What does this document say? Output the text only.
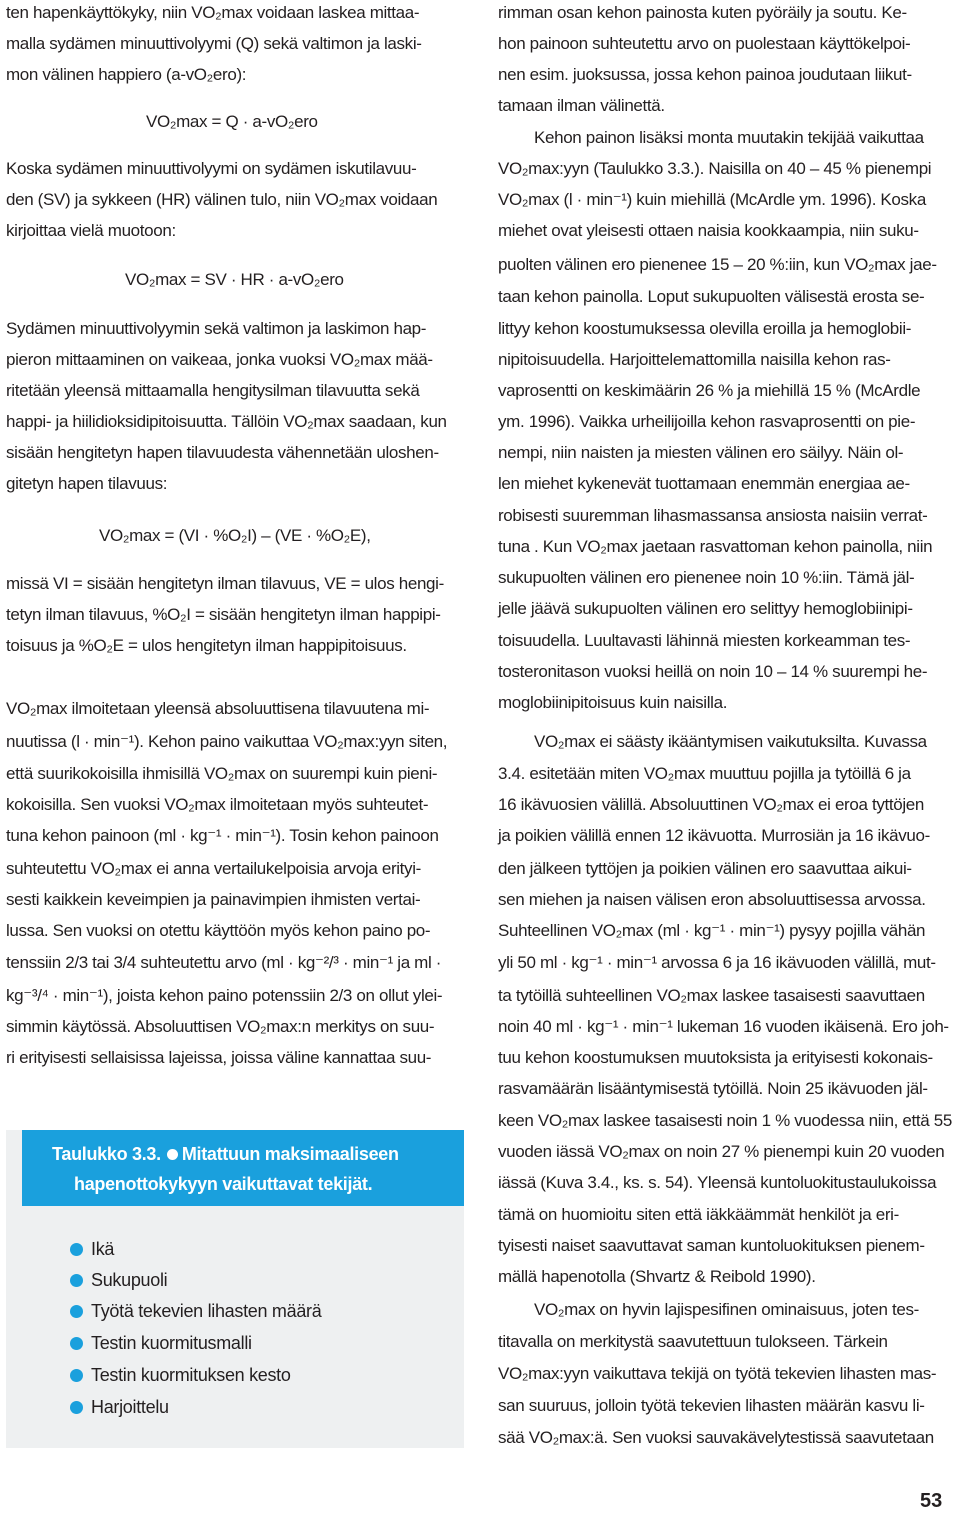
ten hapenkäyttökyky, niin VO₂max voidaan laskea mittaa-
malla sydämen minuuttivolyymi (Q) sekä valtimon ja laski-
mon välinen happiero (a-vO₂ero):
VO₂max = Q · a-vO₂ero
Koska sydämen minuuttivolyymi on sydämen iskutilavuu-
den (SV) ja sykkeen (HR) välinen tulo, niin VO₂max voidaan
kirjoittaa vielä muotoon:
VO₂max = SV · HR · a-vO₂ero
Sydämen minuuttivolyymin sekä valtimon ja laskimon hap-
pieron mittaaminen on vaikeaa, jonka vuoksi VO₂max mää-
ritetään yleensä mittaamalla hengitysilman tilavuutta sekä
happi- ja hiilidioksidipitoisuutta. Tällöin VO₂max saadaan, kun
sisään hengitetyn hapen tilavuudesta vähennetään uloshen-
gitetyn hapen tilavuus:
VO₂max = (VI · %O₂I) – (VE · %O₂E),
missä VI = sisään hengitetyn ilman tilavuus, VE = ulos hengi-
tetyn ilman tilavuus, %O₂I = sisään hengitetyn ilman happipi-
toisuus ja %O₂E = ulos hengitetyn ilman happipitoisuus.
VO₂max ilmoitetaan yleensä absoluuttisena tilavuutena mi-
nuutissa (l · min⁻¹). Kehon paino vaikuttaa VO₂max:yyn siten,
että suurikokoisilla ihmisillä VO₂max on suurempi kuin pieni-
kokoisilla. Sen vuoksi VO₂max ilmoitetaan myös suhteutet-
tuna kehon painoon (ml · kg⁻¹ · min⁻¹). Tosin kehon painoon
suhteutettu VO₂max ei anna vertailukelpoisia arvoja erityi-
sesti kaikkein keveimpien ja painavimpien ihmisten vertai-
lussa. Sen vuoksi on otettu käyttöön myös kehon paino po-
tenssiin 2/3 tai 3/4 suhteutettu arvo (ml · kg⁻²/³ · min⁻¹ ja ml ·
kg⁻³/⁴ · min⁻¹), joista kehon paino potenssiin 2/3 on ollut ylei-
simmin käytössä. Absoluuttisen VO₂max:n merkitys on suu-
ri erityisesti sellaisissa lajeissa, joissa väline kannattaa suu-
Taulukko 3.3. Mitattuun maksimaaliseen
hapenottokykyyn vaikuttavat tekijät.
Ikä
Sukupuoli
Työtä tekevien lihasten määrä
Testin kuormitusmalli
Testin kuormituksen kesto
Harjoittelu
rimman osan kehon painosta kuten pyöräily ja soutu. Ke-
hon painoon suhteutettu arvo on puolestaan käyttökelpoi-
nen esim. juoksussa, jossa kehon painoa joudutaan liikut-
tamaan ilman välinettä.
Kehon painon lisäksi monta muutakin tekijää vaikuttaa
VO₂max:yyn (Taulukko 3.3.). Naisilla on 40 – 45 % pienempi
VO₂max (l · min⁻¹) kuin miehillä (McArdle ym. 1996). Koska
miehet ovat yleisesti ottaen naisia kookkaampia, niin suku-
puolten välinen ero pienenee 15 – 20 %:iin, kun VO₂max jae-
taan kehon painolla. Loput sukupuolten välisestä erosta se-
littyy kehon koostumuksessa olevilla eroilla ja hemoglobii-
nipitoisuudella. Harjoittelemattomilla naisilla kehon ras-
vaprosentti on keskimäärin 26 % ja miehillä 15 % (McArdle
ym. 1996). Vaikka urheilijoilla kehon rasvaprosentti on pie-
nempi, niin naisten ja miesten välinen ero säilyy. Näin ol-
len miehet kykenevät tuottamaan enemmän energiaa ae-
robisesti suuremman lihasmassansa ansiosta naisiin verrat-
tuna . Kun VO₂max jaetaan rasvattoman kehon painolla, niin
sukupuolten välinen ero pienenee noin 10 %:iin. Tämä jäl-
jelle jäävä sukupuolten välinen ero selittyy hemoglobiinipi-
toisuudella. Luultavasti lähinnä miesten korkeamman tes-
tosteronitason vuoksi heillä on noin 10 – 14 % suurempi he-
moglobiinipitoisuus kuin naisilla.
VO₂max ei säästy ikääntymisen vaikutuksilta. Kuvassa
3.4. esitetään miten VO₂max muuttuu pojilla ja tytöillä 6 ja
16 ikävuosien välillä. Absoluuttinen VO₂max ei eroa tyttöjen
ja poikien välillä ennen 12 ikävuotta. Murrosiän ja 16 ikävuo-
den jälkeen tyttöjen ja poikien välinen ero saavuttaa aikui-
sen miehen ja naisen välisen eron absoluuttisessa arvossa.
Suhteellinen VO₂max (ml · kg⁻¹ · min⁻¹) pysyy pojilla vähän
yli 50 ml · kg⁻¹ · min⁻¹ arvossa 6 ja 16 ikävuoden välillä, mut-
ta tytöillä suhteellinen VO₂max laskee tasaisesti saavuttaen
noin 40 ml · kg⁻¹ · min⁻¹ lukeman 16 vuoden ikäisenä. Ero joh-
tuu kehon koostumuksen muutoksista ja erityisesti kokonais-
rasvamäärän lisääntymisestä tytöillä. Noin 25 ikävuoden jäl-
keen VO₂max laskee tasaisesti noin 1 % vuodessa niin, että 55
vuoden iässä VO₂max on noin 27 % pienempi kuin 20 vuoden
iässä (Kuva 3.4., ks. s. 54). Yleensä kuntoluokitustaulukoissa
tämä on huomioitu siten että iäkkäämmät henkilöt ja eri-
tyisesti naiset saavuttavat saman kuntoluokituksen pienem-
mällä hapenotolla (Shvartz & Reibold 1990).
VO₂max on hyvin lajispesifinen ominaisuus, joten tes-
titavalla on merkitystä saavutettuun tulokseen. Tärkein
VO₂max:yyn vaikuttava tekijä on työtä tekevien lihasten mas-
san suuruus, jolloin työtä tekevien lihasten määrän kasvu li-
sää VO₂max:ä. Sen vuoksi sauvakävelytestissä saavutetaan
53
